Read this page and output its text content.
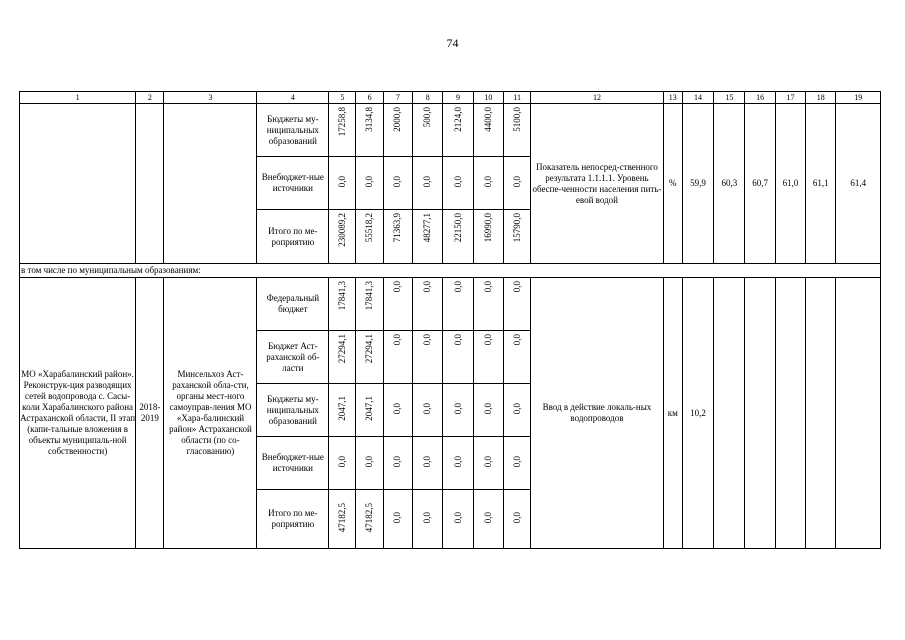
74
1	2	3	4	5	6	7	8	9	10	11	12	13	14	15	16	17	18	19
			Бюджеты му-ниципальных образований	17258,8	3134,8	2000,0	500,0	2124,0	4400,0	5100,0	Показатель непосред-ственного результата 1.1.1.1. Уровень обеспе-ченности населения пить-евой водой	%	59,9	60,3	60,7	61,0	61,1	61,4
			Внебюджет-ные источники	0,0	0,0	0,0	0,0	0,0	0,0	0,0								
			Итого по ме-роприятию	230089,2	55518,2	71363,9	48277,1	22150,0	16990,0	15790,0								
в том числе по муниципальным образованиям:																		
МО «Харабалинский район». Реконструк-ция разводящих сетей водопровода с. Сасы-коли Харабалинского района Астраханской области, II этап (капи-тальные вложения в объекты муниципаль-ной собственности)	2018-2019	Минсельхоз Аст-раханской обла-сти, органы мест-ного самоуправ-ления МО «Хара-балинский район» Астраханской области (по со-гласованию)	Федеральный бюджет	17841,3	17841,3	0,0	0,0	0,0	0,0	0,0	Ввод в действие локаль-ных водопроводов	км	10,2					
			Бюджет Аст-раханской об-ласти	27294,1	27294,1	0,0	0,0	0,0	0,0	0,0								
			Бюджеты му-ниципальных образований	2047,1	2047,1	0,0	0,0	0,0	0,0	0,0								
			Внебюджет-ные источники	0,0	0,0	0,0	0,0	0,0	0,0	0,0								
			Итого по ме-роприятию	47182,5	47182,5	0,0	0,0	0,0	0,0	0,0								
